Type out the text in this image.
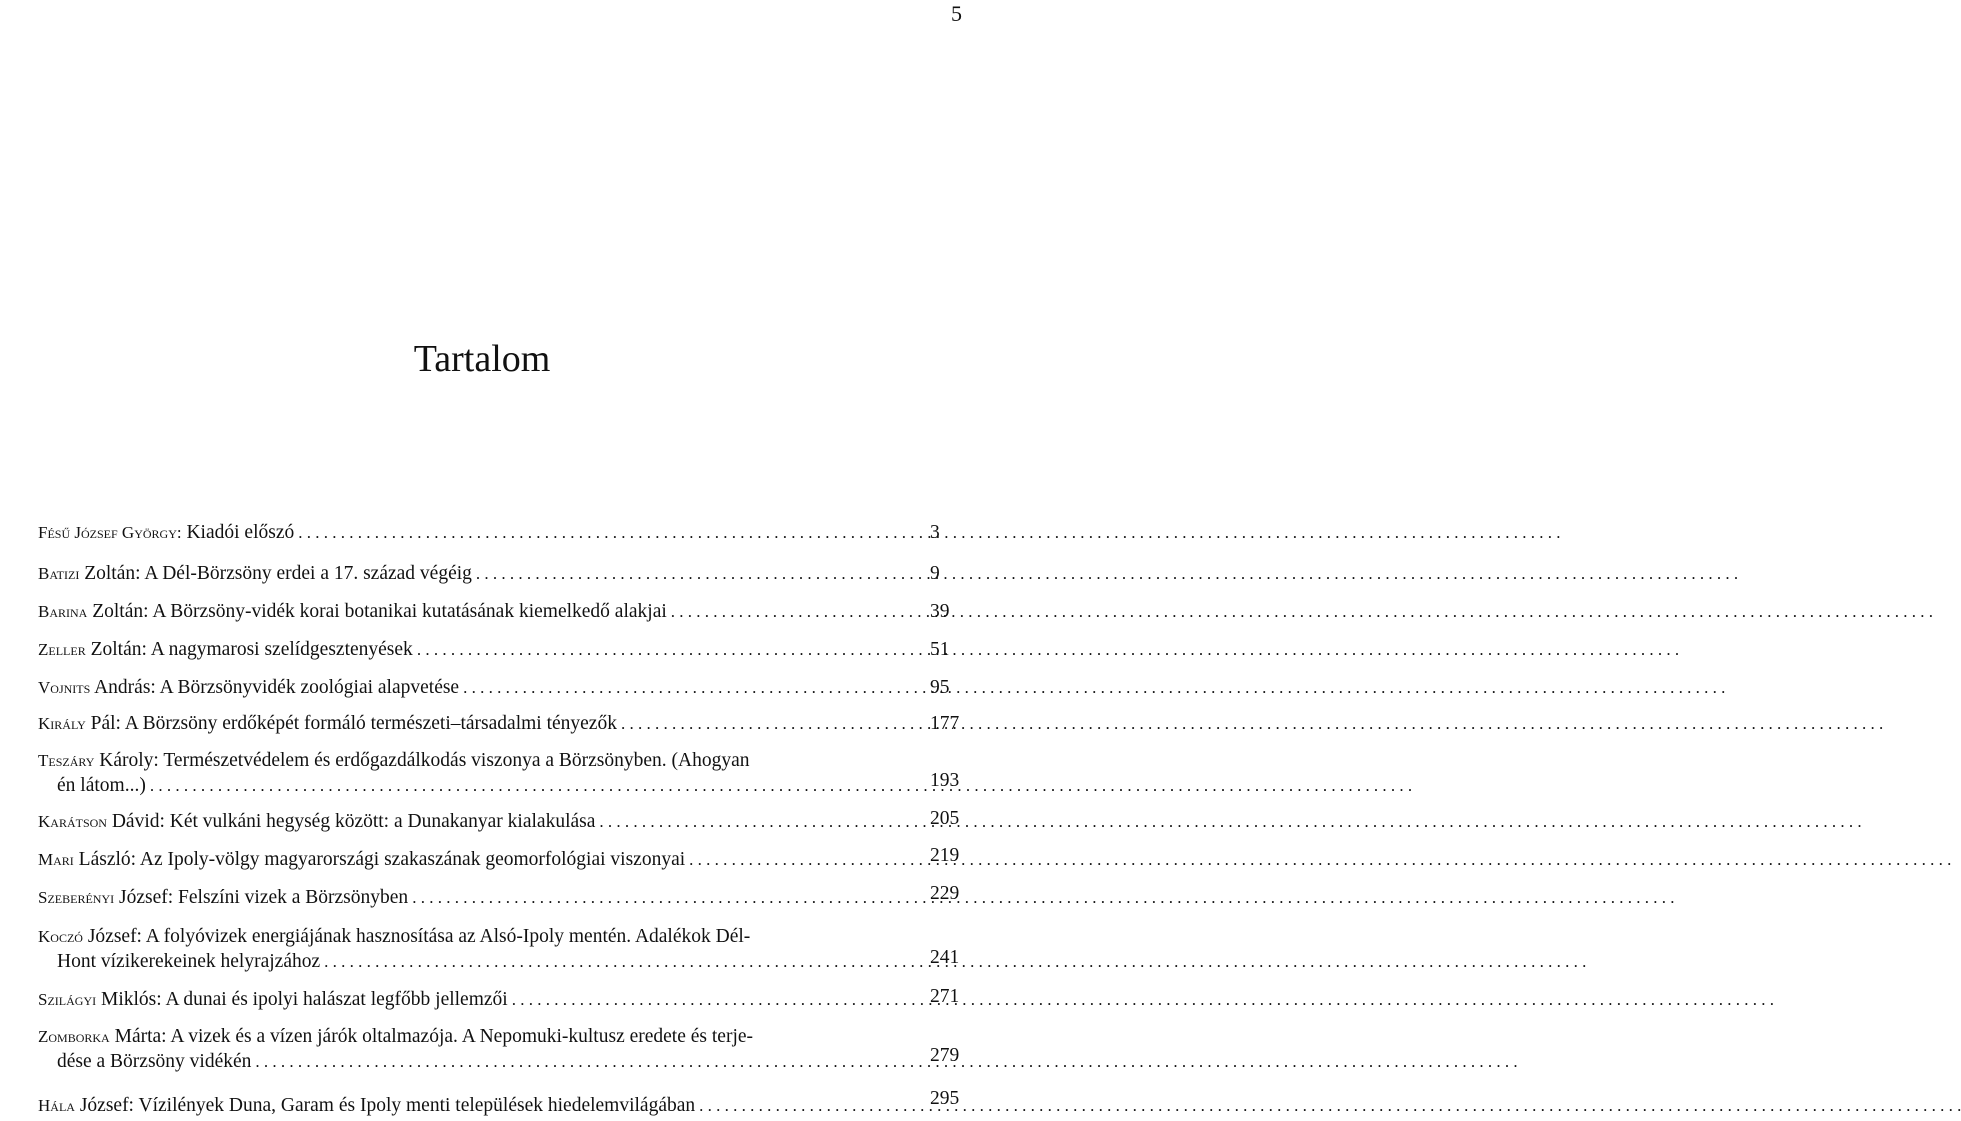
5
Tartalom
Fésű József György: Kiadói előszó . . .	3
Batizi Zoltán: A Dél-Börzsöny erdei a 17. század végéig . . .	9
Barina Zoltán: A Börzsöny-vidék korai botanikai kutatásának kiemelkedő alakjai . . .	39
Zeller Zoltán: A nagymarosi szelídgesztenyések . . .	51
Vojnits András: A Börzsönyvidék zoológiai alapvetése . . .	95
Király Pál: A Börzsöny erdőképét formáló természeti–társadalmi tényezők . . .	177
Teszáry Károly: Természetvédelem és erdőgazdálkodás viszonya a Börzsönyben. (Ahogyan
én látom...) . . .	193
Karátson Dávid: Két vulkáni hegység között: a Dunakanyar kialakulása . . .	205
Mari László: Az Ipoly-völgy magyarországi szakaszának geomorfológiai viszonyai . . .	219
Szeberényi József: Felszíni vizek a Börzsönyben . . .	229
Koczó József: A folyóvizek energiájának hasznosítása az Alsó-Ipoly mentén. Adalékok Dél-
Hont vízikerekeinek helyrajzához . . .	241
Szilágyi Miklós: A dunai és ipolyi halászat legfőbb jellemzői . . .	271
Zomborka Márta: A vizek és a vízen járók oltalmazója. A Nepomuki-kultusz eredete és terje-
dése a Börzsöny vidékén . . .	279
Hála József: Vízilények Duna, Garam és Ipoly menti települések hiedelemvilágában . . .	295
